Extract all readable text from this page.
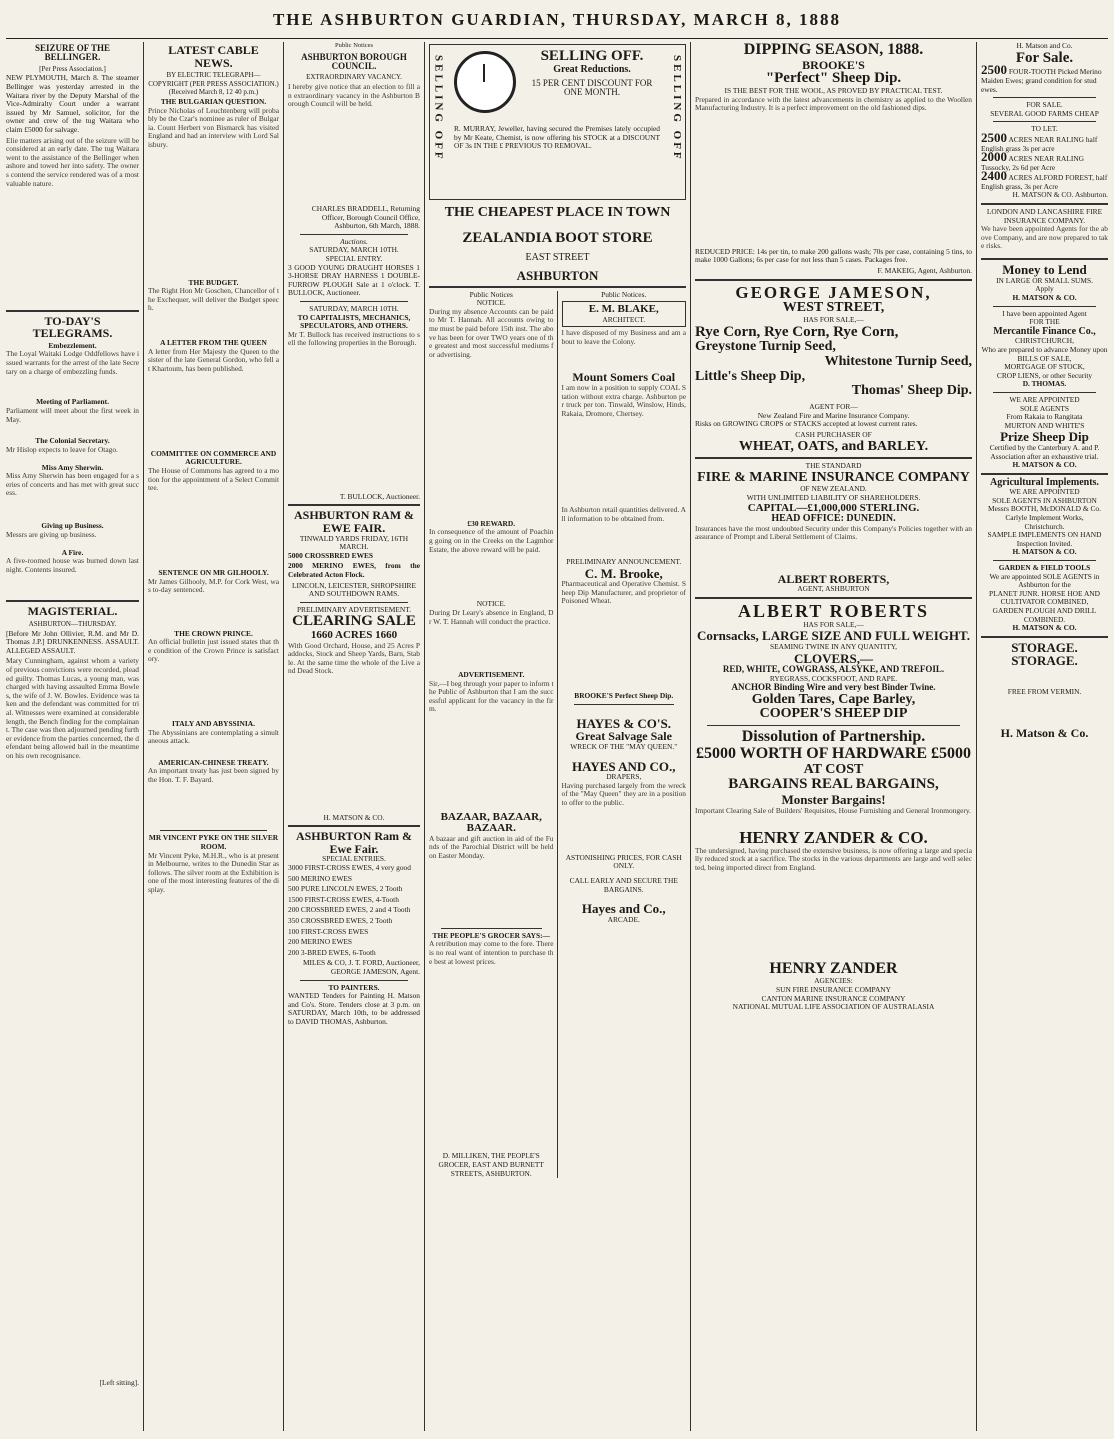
THE ASHBURTON GUARDIAN, THURSDAY, MARCH 8, 1888
SEIZURE OF THE BELLINGER.
[Per Press Association.]
NEW PLYMOUTH, March 8. The steamer Bellinger was yesterday arrested in the Waitara river by the Deputy Marshal of the Vice-Admiralty Court under a warrant issued by Mr Samuel, solicitor, for the owner and crew of the tug Waitara who claim £5000 for salvage.
Elie matters arising out of the seizure will be considered at an early date. The tug Waitara went to the assistance of the Bellinger when ashore and towed her into safety. The owners contend the service rendered was of a most valuable nature.
TO-DAY'S TELEGRAMS.
Embezzlement.
The Loyal Waitaki Lodge Oddfellows have issued warrants for the arrest of the late Secretary on a charge of embezzling funds.
Meeting of Parliament.
Parliament will meet about the first week in May.
The Colonial Secretary.
Mr Hislop expects to leave for Otago.
Miss Amy Sherwin.
Miss Amy Sherwin has been engaged for a series of concerts and has met with great success.
Giving up Business.
Messrs are giving up business.
A Fire.
A five-roomed house was burned down last night. Contents insured.
MAGISTERIAL.
ASHBURTON—THURSDAY.
[Before Mr John Ollivier, R.M. and Mr D. Thomas J.P.] DRUNKENNESS. ASSAULT. ALLEGED ASSAULT.
Mary Cunningham, against whom a variety of previous convictions were recorded, pleaded guilty. Thomas Lucas, a young man, was charged with having assaulted Emma Bowles, the wife of J. W. Bowles. Evidence was taken and the defendant was committed for trial. Witnesses were examined at considerable length, the Bench finding for the complainant. The case was then adjourned pending further evidence from the parties concerned, the defendant being allowed bail in the meantime on his own recognisance.
[Left sitting].
LATEST CABLE NEWS.
BY ELECTRIC TELEGRAPH—COPYRIGHT (PER PRESS ASSOCIATION.) (Received March 8, 12 40 p.m.)
THE BULGARIAN QUESTION.
Prince Nicholas of Leuchtenberg will probably be the Czar's nominee as ruler of Bulgaria. Count Herbert von Bismarck has visited England and had an interview with Lord Salisbury.
THE BUDGET.
The Right Hon Mr Goschen, Chancellor of the Exchequer, will deliver the Budget speech.
A LETTER FROM THE QUEEN
A letter from Her Majesty the Queen to the sister of the late General Gordon, who fell at Khartoum, has been published.
COMMITTEE ON COMMERCE AND AGRICULTURE.
The House of Commons has agreed to a motion for the appointment of a Select Committee.
SENTENCE ON MR GILHOOLY.
Mr James Gilhooly, M.P. for Cork West, was to-day sentenced.
THE CROWN PRINCE.
An official bulletin just issued states that the condition of the Crown Prince is satisfactory.
ITALY AND ABYSSINIA.
The Abyssinians are contemplating a simultaneous attack.
AMERICAN-CHINESE TREATY.
An important treaty has just been signed by the Hon. T. F. Bayard.
MR VINCENT PYKE ON THE SILVER ROOM.
Mr Vincent Pyke, M.H.R., who is at present in Melbourne, writes to the Dunedin Star as follows. The silver room at the Exhibition is one of the most interesting features of the display.
Public Notices
ASHBURTON BOROUGH COUNCIL.
EXTRAORDINARY VACANCY.
I hereby give notice that an election to fill an extraordinary vacancy in the Ashburton Borough Council will be held.
CHARLES BRADDELL, Returning Officer, Borough Council Office, Ashburton, 6th March, 1888.
Auctions.
SATURDAY, MARCH 10TH.
SPECIAL ENTRY.
3 GOOD YOUNG DRAUGHT HORSES 1 3-HORSE DRAY HARNESS 1 DOUBLE-FURROW PLOUGH Sale at 1 o'clock. T. BULLOCK, Auctioneer.
SATURDAY, MARCH 10TH.
TO CAPITALISTS, MECHANICS, SPECULATORS, AND OTHERS.
Mr T. Bullock has received instructions to sell the following properties in the Borough.
T. BULLOCK, Auctioneer.
ASHBURTON RAM & EWE FAIR.
TINWALD YARDS FRIDAY, 16TH MARCH.
5000 CROSSBRED EWES
2000 MERINO EWES, from the Celebrated Acton Flock.
LINCOLN, LEICESTER, SHROPSHIRE AND SOUTHDOWN RAMS.
PRELIMINARY ADVERTISEMENT.
CLEARING SALE
1660 ACRES 1660
With Good Orchard, House, and 25 Acres Paddocks, Stock and Sheep Yards, Barn, Stable. At the same time the whole of the Live and Dead Stock.
H. MATSON & CO.
ASHBURTON Ram & Ewe Fair.
SPECIAL ENTRIES.
3000 FIRST-CROSS EWES, 4 very good
500 MERINO EWES
500 PURE LINCOLN EWES, 2 Tooth
1500 FIRST-CROSS EWES, 4-Tooth
200 CROSSBRED EWES, 2 and 4 Tooth
350 CROSSBRED EWES, 2 Tooth
100 FIRST-CROSS EWES
200 MERINO EWES
200 3-BRED EWES, 6-Tooth
MILES & CO, J. T. FORD, Auctioneer, GEORGE JAMESON, Agent.
TO PAINTERS.
WANTED Tenders for Painting H. Matson and Co's. Store. Tenders close at 3 p.m. on SATURDAY, March 10th, to be addressed to DAVID THOMAS, Ashburton.
SELLING OFF	SELLING OFF
SELLING OFF.
Great Reductions.
15 PER CENT DISCOUNT FOR ONE MONTH.
R. MURRAY, Jeweller, having secured the Premises lately occupied by Mr Keate, Chemist, is now offering his STOCK at a DISCOUNT OF 3s IN THE £ PREVIOUS TO REMOVAL.
THE CHEAPEST PLACE IN TOWN
ZEALANDIA BOOT STORE
EAST STREET
ASHBURTON
Public Notices
NOTICE.
During my absence Accounts can be paid to Mr T. Hannah. All accounts owing to me must be paid before 15th inst. The above has been for over TWO years one of the greatest and most successful mediums for advertising.
£30 REWARD.
In consequence of the amount of Poaching going on in the Creeks on the Lagmhor Estate, the above reward will be paid.
NOTICE.
During Dr Leary's absence in England, Dr W. T. Hannah will conduct the practice.
ADVERTISEMENT.
Sir,—I beg through your paper to inform the Public of Ashburton that I am the successful applicant for the vacancy in the firm.
BAZAAR, BAZAAR, BAZAAR.
A bazaar and gift auction in aid of the Funds of the Parochial District will be held on Easter Monday.
THE PEOPLE'S GROCER SAYS:—
A retribution may come to the fore. There is no real want of intention to purchase the best at lowest prices.
D. MILLIKEN, THE PEOPLE'S GROCER, EAST AND BURNETT STREETS, ASHBURTON.
Public Notices.
E. M. BLAKE,
ARCHITECT.
I have disposed of my Business and am about to leave the Colony.
Mount Somers Coal
I am now in a position to supply COAL Station without extra charge. Ashburton per truck per ton. Tinwald, Winslow, Hinds, Rakaia, Dromore, Chertsey.
In Ashburton retail quantities delivered. All information to be obtained from.
PRELIMINARY ANNOUNCEMENT.
C. M. Brooke,
Pharmaceutical and Operative Chemist. Sheep Dip Manufacturer, and proprietor of Poisoned Wheat.
BROOKE'S Perfect Sheep Dip.
HAYES & CO'S.
Great Salvage Sale
WRECK OF THE "MAY QUEEN."
HAYES AND CO.,
DRAPERS,
Having purchased largely from the wreck of the "May Queen" they are in a position to offer to the public.
ASTONISHING PRICES, FOR CASH ONLY.
CALL EARLY AND SECURE THE BARGAINS.
Hayes and Co.,
ARCADE.
DIPPING SEASON, 1888.
BROOKE'S
"Perfect" Sheep Dip.
IS THE BEST FOR THE WOOL, AS PROVED BY PRACTICAL TEST.
Prepared in accordance with the latest advancements in chemistry as applied to the Woollen Manufacturing Industry. It is a perfect improvement on the old fashioned dips.
REDUCED PRICE: 14s per tin, to make 200 gallons wash; 70s per case, containing 5 tins, to make 1000 Gallons; 6s per case for not less than 5 cases. Packages free.
F. MAKEIG, Agent, Ashburton.
GEORGE JAMESON,
WEST STREET,
HAS FOR SALE,—
Rye Corn, Rye Corn, Rye Corn,
Greystone Turnip Seed,
Whitestone Turnip Seed,
Little's Sheep Dip,
Thomas' Sheep Dip.
AGENT FOR—
New Zealand Fire and Marine Insurance Company.
Risks on GROWING CROPS or STACKS accepted at lowest current rates.
CASH PURCHASER OF
WHEAT, OATS, and BARLEY.
THE STANDARD
FIRE & MARINE INSURANCE COMPANY
OF NEW ZEALAND.
WITH UNLIMITED LIABILITY OF SHAREHOLDERS.
CAPITAL—£1,000,000 STERLING.
HEAD OFFICE: DUNEDIN.
Insurances have the most undoubted Security under this Company's Policies together with an assurance of Prompt and Liberal Settlement of Claims.
ALBERT ROBERTS,
AGENT, ASHBURTON
ALBERT ROBERTS
HAS FOR SALE,—
Cornsacks, LARGE SIZE AND FULL WEIGHT.
SEAMING TWINE IN ANY QUANTITY,
CLOVERS,—
RED, WHITE, COWGRASS, ALSYKE, AND TREFOIL.
RYEGRASS, COCKSFOOT, AND RAPE.
ANCHOR Binding Wire and very best Binder Twine.
Golden Tares, Cape Barley,
COOPER'S SHEEP DIP
Dissolution of Partnership.
£5000 WORTH OF HARDWARE £5000
AT COST
BARGAINS REAL BARGAINS,
Monster Bargains!
Important Clearing Sale of Builders' Requisites, House Furnishing and General Ironmongery.
HENRY ZANDER & CO.
The undersigned, having purchased the extensive business, is now offering a large and specially reduced stock at a sacrifice. The stocks in the various departments are large and well selected, being imported direct from England.
HENRY ZANDER
AGENCIES:
SUN FIRE INSURANCE COMPANY
CANTON MARINE INSURANCE COMPANY
NATIONAL MUTUAL LIFE ASSOCIATION OF AUSTRALASIA
H. Matson and Co.
For Sale.
2500 FOUR-TOOTH Picked Merino Maiden Ewes; grand condition for stud ewes.
FOR SALE.
SEVERAL GOOD FARMS CHEAP
TO LET.
2500 ACRES NEAR RALING half English grass 3s per acre
2000 ACRES NEAR RALING Tussocky, 2s 6d per Acre
2400 ACRES ALFORD FOREST, half English grass, 3s per Acre
H. MATSON & CO. Ashburton.
LONDON AND LANCASHIRE FIRE INSURANCE COMPANY.
We have been appointed Agents for the above Company, and are now prepared to take risks.
Money to Lend
IN LARGE OR SMALL SUMS.
Apply
H. MATSON & CO.
I have been appointed Agent
FOR THE
Mercantile Finance Co.,
CHRISTCHURCH,
Who are prepared to advance Money upon
BILLS OF SALE,
MORTGAGE OF STOCK,
CROP LIENS, or other Security
D. THOMAS.
WE ARE APPOINTED
SOLE AGENTS
From Rakaia to Rangitata
MURTON AND WHITE'S
Prize Sheep Dip
Certified by the Canterbury A. and P. Association after an exhaustive trial.
H. MATSON & CO.
Agricultural Implements.
WE ARE APPOINTED
SOLE AGENTS IN ASHBURTON
Messrs BOOTH, McDONALD & Co.
Carlyle Implement Works,
Christchurch.
SAMPLE IMPLEMENTS ON HAND
Inspection Invited.
H. MATSON & CO.
GARDEN & FIELD TOOLS
We are appointed SOLE AGENTS in Ashburton for the
PLANET JUNR. HORSE HOE AND CULTIVATOR COMBINED,
GARDEN PLOUGH AND DRILL COMBINED.
H. MATSON & CO.
STORAGE. STORAGE.
FREE FROM VERMIN.
H. Matson & Co.
